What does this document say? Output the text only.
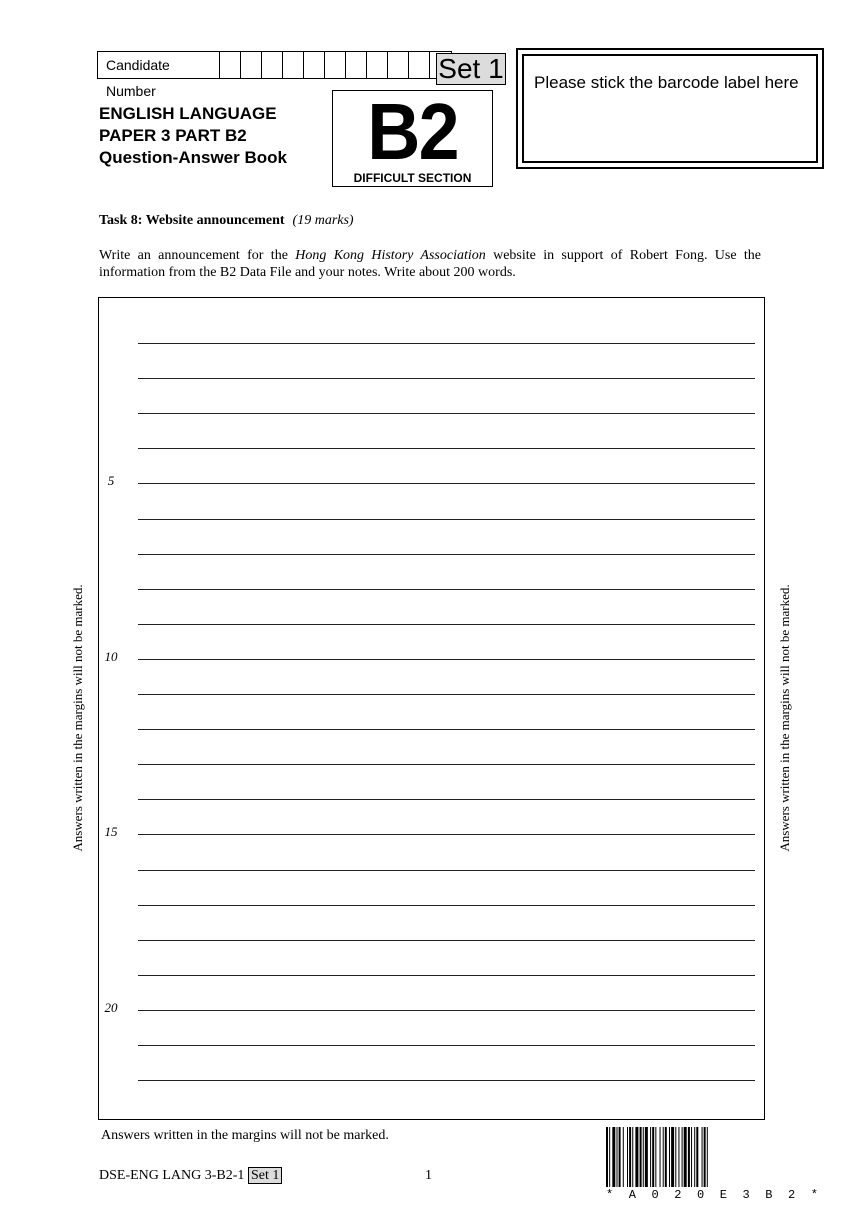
Candidate Number
Set 1	Please stick the barcode label here
ENGLISH LANGUAGE
PAPER 3 PART B2
Question-Answer Book	B2
DIFFICULT SECTION
Task 8: Website announcement (19 marks)
Write an announcement for the Hong Kong History Association website in support of Robert Fong. Use the information from the B2 Data File and your notes. Write about 200 words.
5
10
15
20
Answers written in the margins will not be marked.	Answers written in the margins will not be marked.
Answers written in the margins will not be marked.
DSE-ENG LANG 3-B2-1 Set 1	1
* A 0 2 0 E 3 B 2 *
